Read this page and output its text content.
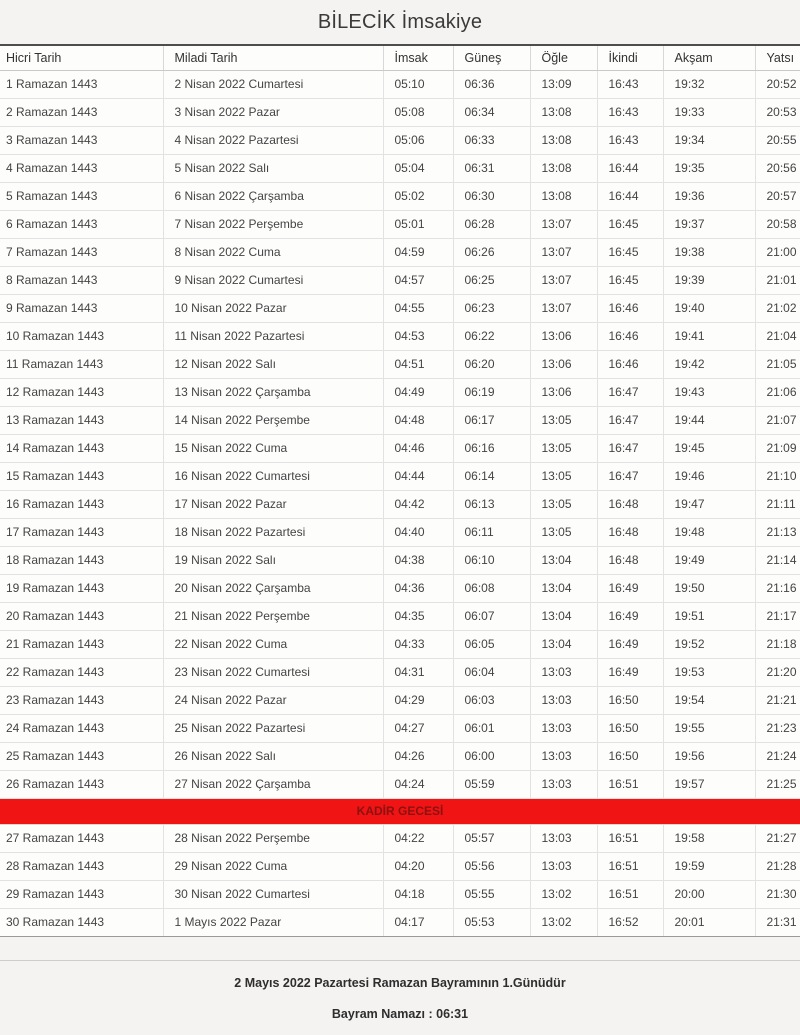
BİLECİK İmsakiye
Hicri Tarih	Miladi Tarih	İmsak	Güneş	Öğle	İkindi	Akşam	Yatsı
1 Ramazan 1443	2 Nisan 2022 Cumartesi	05:10	06:36	13:09	16:43	19:32	20:52
2 Ramazan 1443	3 Nisan 2022 Pazar	05:08	06:34	13:08	16:43	19:33	20:53
3 Ramazan 1443	4 Nisan 2022 Pazartesi	05:06	06:33	13:08	16:43	19:34	20:55
4 Ramazan 1443	5 Nisan 2022 Salı	05:04	06:31	13:08	16:44	19:35	20:56
5 Ramazan 1443	6 Nisan 2022 Çarşamba	05:02	06:30	13:08	16:44	19:36	20:57
6 Ramazan 1443	7 Nisan 2022 Perşembe	05:01	06:28	13:07	16:45	19:37	20:58
7 Ramazan 1443	8 Nisan 2022 Cuma	04:59	06:26	13:07	16:45	19:38	21:00
8 Ramazan 1443	9 Nisan 2022 Cumartesi	04:57	06:25	13:07	16:45	19:39	21:01
9 Ramazan 1443	10 Nisan 2022 Pazar	04:55	06:23	13:07	16:46	19:40	21:02
10 Ramazan 1443	11 Nisan 2022 Pazartesi	04:53	06:22	13:06	16:46	19:41	21:04
11 Ramazan 1443	12 Nisan 2022 Salı	04:51	06:20	13:06	16:46	19:42	21:05
12 Ramazan 1443	13 Nisan 2022 Çarşamba	04:49	06:19	13:06	16:47	19:43	21:06
13 Ramazan 1443	14 Nisan 2022 Perşembe	04:48	06:17	13:05	16:47	19:44	21:07
14 Ramazan 1443	15 Nisan 2022 Cuma	04:46	06:16	13:05	16:47	19:45	21:09
15 Ramazan 1443	16 Nisan 2022 Cumartesi	04:44	06:14	13:05	16:47	19:46	21:10
16 Ramazan 1443	17 Nisan 2022 Pazar	04:42	06:13	13:05	16:48	19:47	21:11
17 Ramazan 1443	18 Nisan 2022 Pazartesi	04:40	06:11	13:05	16:48	19:48	21:13
18 Ramazan 1443	19 Nisan 2022 Salı	04:38	06:10	13:04	16:48	19:49	21:14
19 Ramazan 1443	20 Nisan 2022 Çarşamba	04:36	06:08	13:04	16:49	19:50	21:16
20 Ramazan 1443	21 Nisan 2022 Perşembe	04:35	06:07	13:04	16:49	19:51	21:17
21 Ramazan 1443	22 Nisan 2022 Cuma	04:33	06:05	13:04	16:49	19:52	21:18
22 Ramazan 1443	23 Nisan 2022 Cumartesi	04:31	06:04	13:03	16:49	19:53	21:20
23 Ramazan 1443	24 Nisan 2022 Pazar	04:29	06:03	13:03	16:50	19:54	21:21
24 Ramazan 1443	25 Nisan 2022 Pazartesi	04:27	06:01	13:03	16:50	19:55	21:23
25 Ramazan 1443	26 Nisan 2022 Salı	04:26	06:00	13:03	16:50	19:56	21:24
26 Ramazan 1443	27 Nisan 2022 Çarşamba	04:24	05:59	13:03	16:51	19:57	21:25
KADİR GECESİ							
27 Ramazan 1443	28 Nisan 2022 Perşembe	04:22	05:57	13:03	16:51	19:58	21:27
28 Ramazan 1443	29 Nisan 2022 Cuma	04:20	05:56	13:03	16:51	19:59	21:28
29 Ramazan 1443	30 Nisan 2022 Cumartesi	04:18	05:55	13:02	16:51	20:00	21:30
30 Ramazan 1443	1 Mayıs 2022 Pazar	04:17	05:53	13:02	16:52	20:01	21:31
2 Mayıs 2022 Pazartesi Ramazan Bayramının 1.Günüdür
Bayram Namazı : 06:31
